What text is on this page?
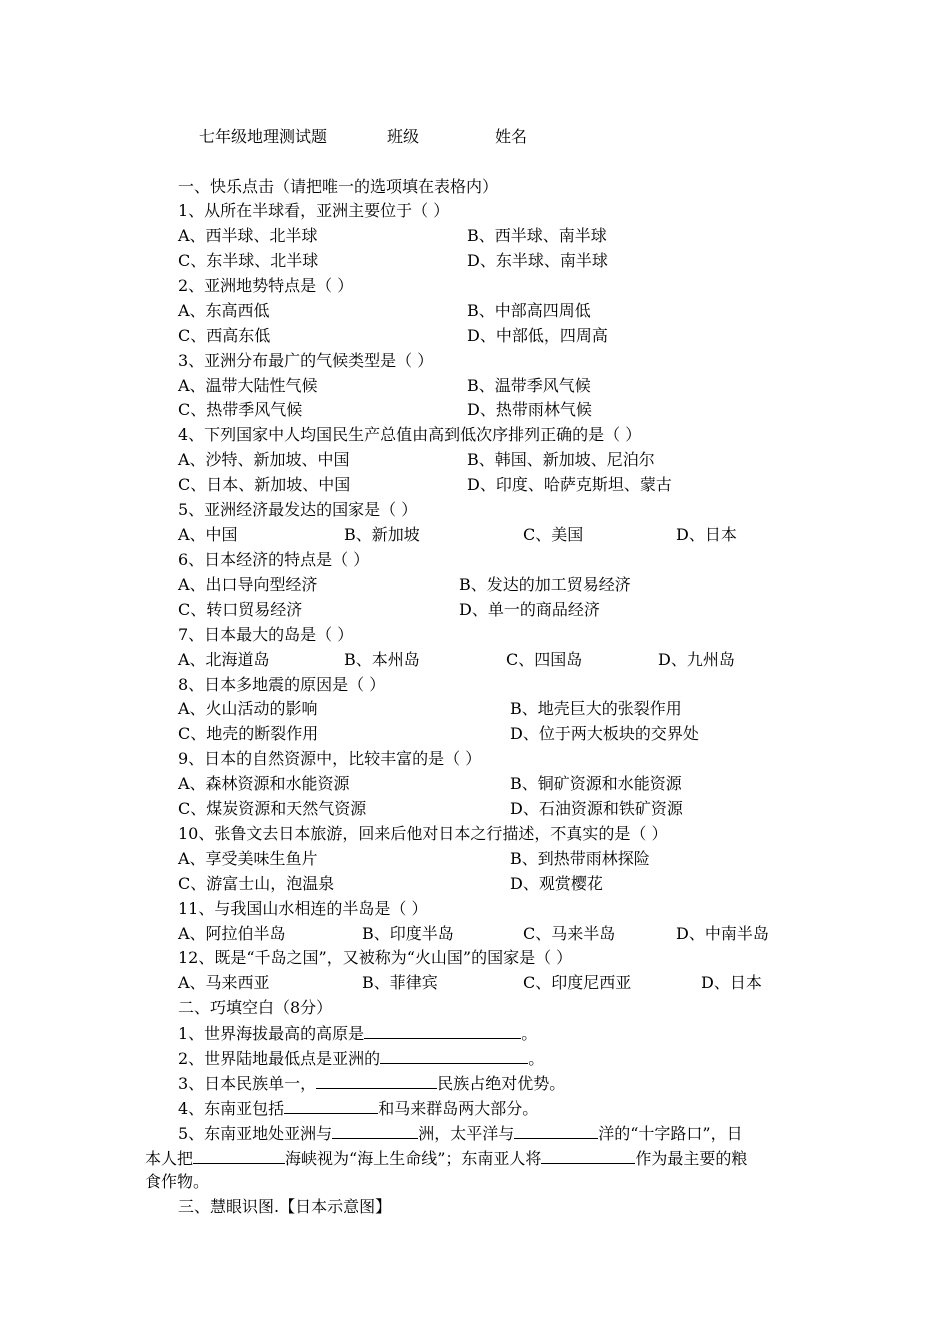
七年级地理测试题	班级	姓名
一、快乐点击（请把唯一的选项填在表格内）
1、从所在半球看，亚洲主要位于（ ）
A、西半球、北半球	B、西半球、南半球
C、东半球、北半球	D、东半球、南半球
2、亚洲地势特点是（ ）
A、东高西低	B、中部高四周低
C、西高东低	D、中部低，四周高
3、亚洲分布最广的气候类型是（ ）
A、温带大陆性气候	B、温带季风气候
C、热带季风气候	D、热带雨林气候
4、下列国家中人均国民生产总值由高到低次序排列正确的是（ ）
A、沙特、新加坡、中国	B、韩国、新加坡、尼泊尔
C、日本、新加坡、中国	D、印度、哈萨克斯坦、蒙古
5、亚洲经济最发达的国家是（ ）
A、中国	B、新加坡	C、美国	D、日本
6、日本经济的特点是（ ）
A、出口导向型经济	B、发达的加工贸易经济
C、转口贸易经济	D、单一的商品经济
7、日本最大的岛是（ ）
A、北海道岛	B、本州岛	C、四国岛	D、九州岛
8、日本多地震的原因是（ ）
A、火山活动的影响	B、地壳巨大的张裂作用
C、地壳的断裂作用	D、位于两大板块的交界处
9、日本的自然资源中，比较丰富的是（ ）
A、森林资源和水能资源	B、铜矿资源和水能资源
C、煤炭资源和天然气资源	D、石油资源和铁矿资源
10、张鲁文去日本旅游，回来后他对日本之行描述，不真实的是（ ）
A、享受美味生鱼片	B、到热带雨林探险
C、游富士山，泡温泉	D、观赏樱花
11、与我国山水相连的半岛是（ ）
A、阿拉伯半岛	B、印度半岛	C、马来半岛	D、中南半岛
12、既是“千岛之国”，又被称为“火山国”的国家是（ ）
A、马来西亚	B、菲律宾	C、印度尼西亚	D、日本
二、巧填空白（8分）
1、世界海拔最高的高原是	。
2、世界陆地最低点是亚洲的	。
3、日本民族单一，	民族占绝对优势。
4、东南亚包括	和马来群岛两大部分。
5、东南亚地处亚洲与	洲，太平洋与	洋的“十字路口”，日
本人把	海峡视为“海上生命线”；东南亚人将	作为最主要的粮
食作物。
三、慧眼识图.【日本示意图】
